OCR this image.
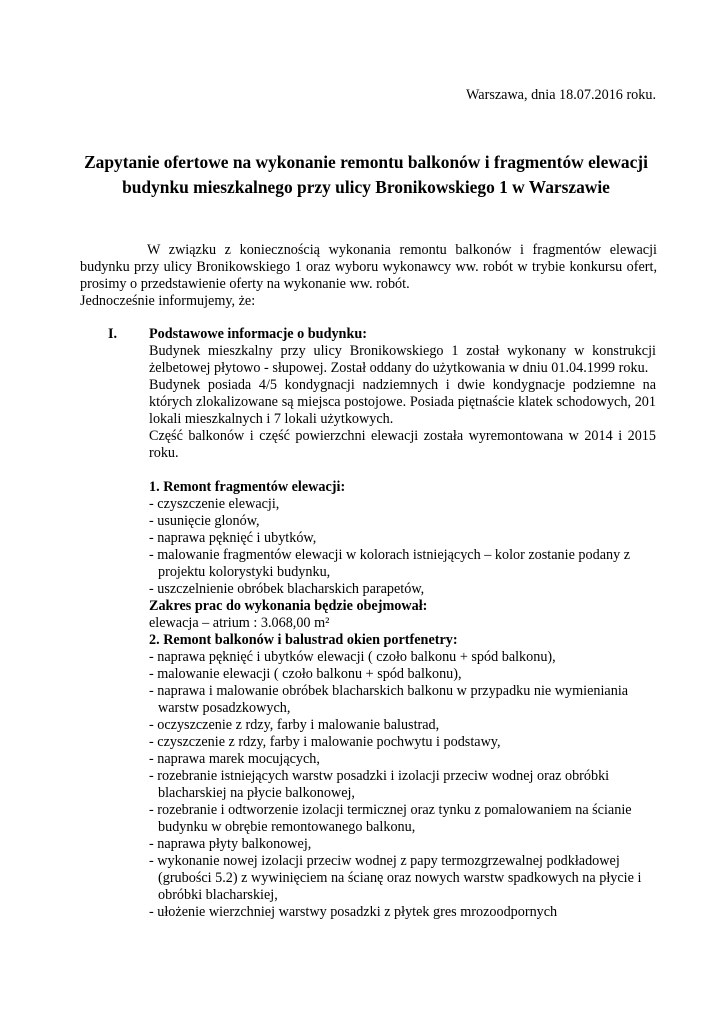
Warszawa, dnia 18.07.2016 roku.
Zapytanie ofertowe na wykonanie remontu balkonów i fragmentów elewacji budynku mieszkalnego przy ulicy Bronikowskiego 1 w Warszawie

W związku z koniecznością wykonania remontu balkonów i fragmentów elewacji budynku przy ulicy Bronikowskiego 1 oraz wyboru wykonawcy ww. robót w trybie konkursu ofert, prosimy o przedstawienie oferty na wykonanie ww. robót.

Jednocześnie informujemy, że:

I. Podstawowe informacje o budynku:

Budynek mieszkalny przy ulicy Bronikowskiego 1 został wykonany w konstrukcji żelbetowej płytowo - słupowej. Został oddany do użytkowania w dniu 01.04.1999 roku.

Budynek posiada 4/5 kondygnacji nadziemnych i dwie kondygnacje podziemne na których zlokalizowane są miejsca postojowe. Posiada piętnaście klatek schodowych, 201 lokali mieszkalnych i 7 lokali użytkowych.

Część balkonów i część powierzchni elewacji została wyremontowana w 2014 i 2015 roku.

1. Remont fragmentów elewacji:

- czyszczenie elewacji,
- usunięcie glonów,
- naprawa pęknięć i ubytków,
- malowanie fragmentów elewacji w kolorach istniejących – kolor zostanie podany z projektu kolorystyki budynku,
- uszczelnienie obróbek blacharskich parapetów,

Zakres prac do wykonania będzie obejmował:

elewacja – atrium : 3.068,00 m²

2. Remont balkonów i balustrad okien portfenetry:

- naprawa pęknięć i ubytków elewacji ( czoło balkonu + spód balkonu),
- malowanie elewacji ( czoło balkonu + spód balkonu),
- naprawa i malowanie obróbek blacharskich balkonu w przypadku nie wymieniania warstw posadzkowych,
- oczyszczenie z rdzy, farby i malowanie balustrad,
- czyszczenie z rdzy, farby i malowanie pochwytu i podstawy,
- naprawa marek mocujących,
- rozebranie istniejących warstw posadzki i izolacji przeciw wodnej oraz obróbki blacharskiej na płycie balkonowej,
- rozebranie i odtworzenie izolacji termicznej oraz tynku z pomalowaniem na ścianie budynku w obrębie remontowanego balkonu,
- naprawa płyty balkonowej,
- wykonanie nowej izolacji przeciw wodnej z papy termozgrzewalnej podkładowej (grubości 5.2) z wywinięciem na ścianę oraz nowych warstw spadkowych na płycie i obróbki blacharskiej,
- ułożenie wierzchniej warstwy posadzki z płytek gres mrozoodpornych
